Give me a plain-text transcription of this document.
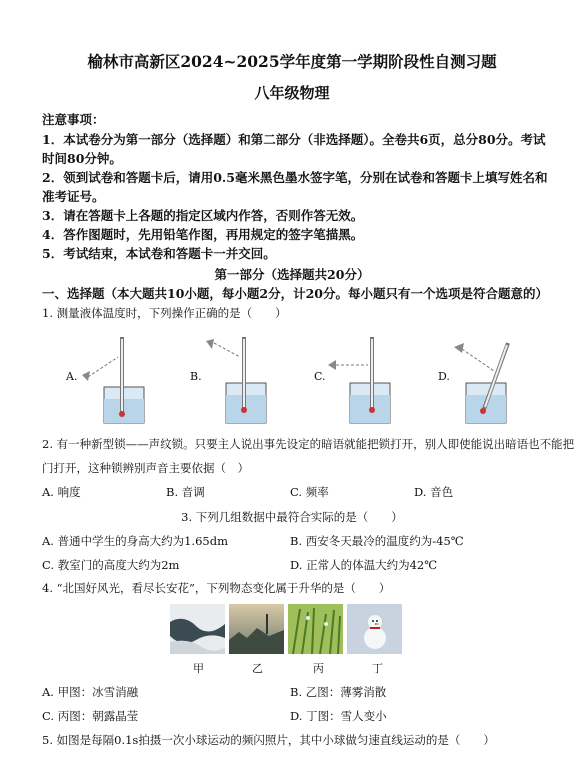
榆林市高新区2024~2025学年度第一学期阶段性自测习题
八年级物理
注意事项：
1．本试卷分为第一部分（选择题）和第二部分（非选择题）。全卷共6页，总分80分。考试
时间80分钟。
2．领到试卷和答题卡后，请用0.5毫米黑色墨水签字笔，分别在试卷和答题卡上填写姓名和
准考证号。
3．请在答题卡上各题的指定区域内作答，否则作答无效。
4．答作图题时，先用铅笔作图，再用规定的签字笔描黑。
5．考试结束，本试卷和答题卡一并交回。
第一部分（选择题共20分）
一、选择题（本大题共10小题，每小题2分，计20分。每小题只有一个选项是符合题意的）
1. 测量液体温度时，下列操作正确的是（　　）
A.	B.	C.	D.
2. 有一种新型锁——声纹锁。只要主人说出事先设定的暗语就能把锁打开，别人即使能说出暗语也不能把
门打开，这种锁辨别声音主要依据（　）
A. 响度	B. 音调	C. 频率	D. 音色
3. 下列几组数据中最符合实际的是（　　）
A. 普通中学生的身高大约为1.65dm	B. 西安冬天最冷的温度约为-45℃
C. 教室门的高度大约为2m	D. 正常人的体温大约为42℃
4. “北国好风光，看尽长安花”，下列物态变化属于升华的是（　　）
甲	乙	丙	丁
A. 甲图：冰雪消融	B. 乙图：薄雾消散
C. 丙图：朝露晶莹	D. 丁图：雪人变小
5. 如图是每隔0.1s拍摄一次小球运动的频闪照片，其中小球做匀速直线运动的是（　　）
